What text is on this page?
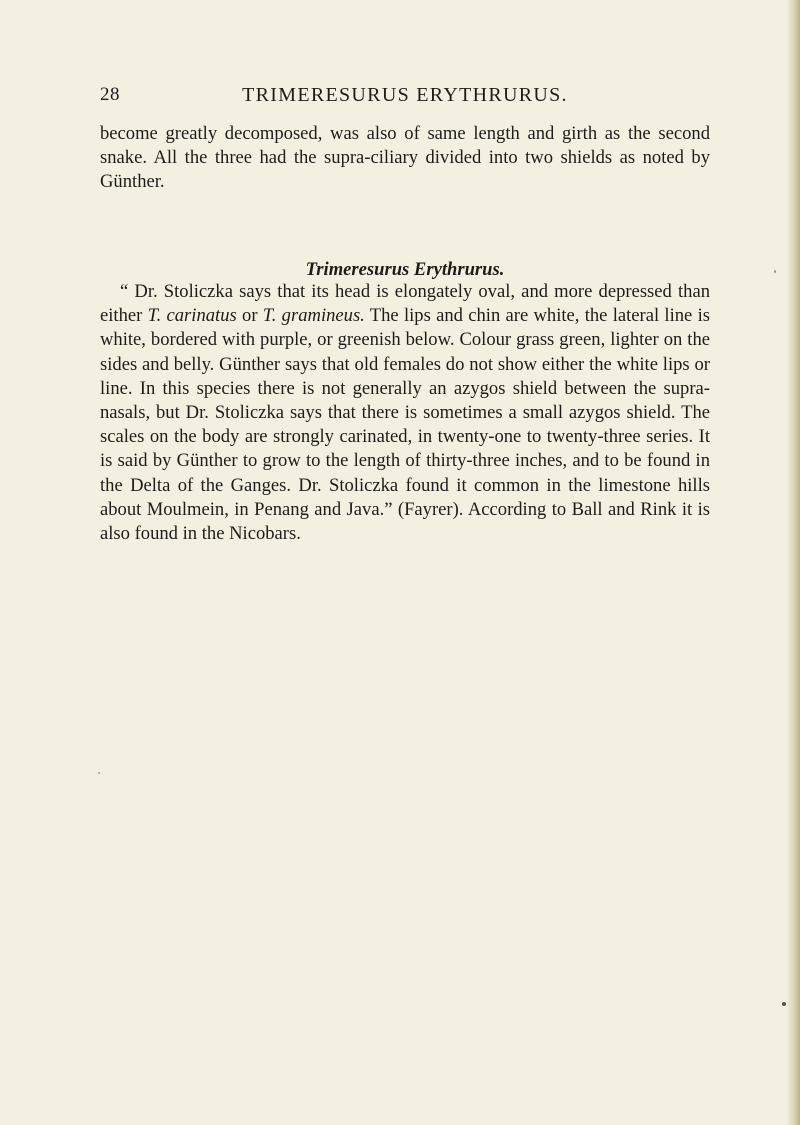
28	TRIMERESURUS ERYTHRURUS.

become greatly decomposed, was also of same length and girth as the second snake. All the three had the supra-ciliary divided into two shields as noted by Günther.

Trimeresurus Erythrurus.

“ Dr. Stoliczka says that its head is elongately oval, and more depressed than either T. carinatus or T. gramineus. The lips and chin are white, the lateral line is white, bordered with purple, or greenish below. Colour grass green, lighter on the sides and belly. Günther says that old females do not show either the white lips or line. In this species there is not generally an azygos shield between the supra-nasals, but Dr. Stoliczka says that there is sometimes a small azygos shield. The scales on the body are strongly carinated, in twenty-one to twenty-three series. It is said by Günther to grow to the length of thirty-three inches, and to be found in the Delta of the Ganges. Dr. Stoliczka found it common in the limestone hills about Moulmein, in Penang and Java.” (Fayrer). According to Ball and Rink it is also found in the Nicobars.
